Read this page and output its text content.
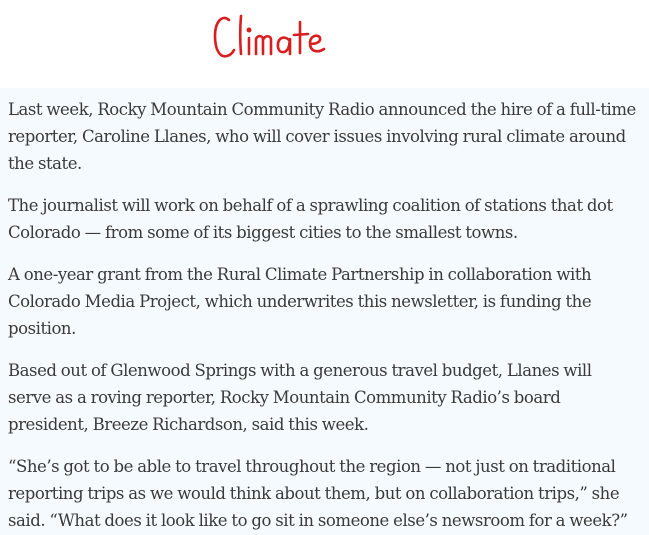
Last week, Rocky Mountain Community Radio announced the hire of a full-time reporter, Caroline Llanes, who will cover issues involving rural climate around the state.

The journalist will work on behalf of a sprawling coalition of stations that dot Colorado — from some of its biggest cities to the smallest towns.

A one-year grant from the Rural Climate Partnership in collaboration with Colorado Media Project, which underwrites this newsletter, is funding the position.

Based out of Glenwood Springs with a generous travel budget, Llanes will serve as a roving reporter, Rocky Mountain Community Radio’s board president, Breeze Richardson, said this week.

“She’s got to be able to travel throughout the region — not just on traditional reporting trips as we would think about them, but on collaboration trips,” she said. “What does it look like to go sit in someone else’s newsroom for a week?”
